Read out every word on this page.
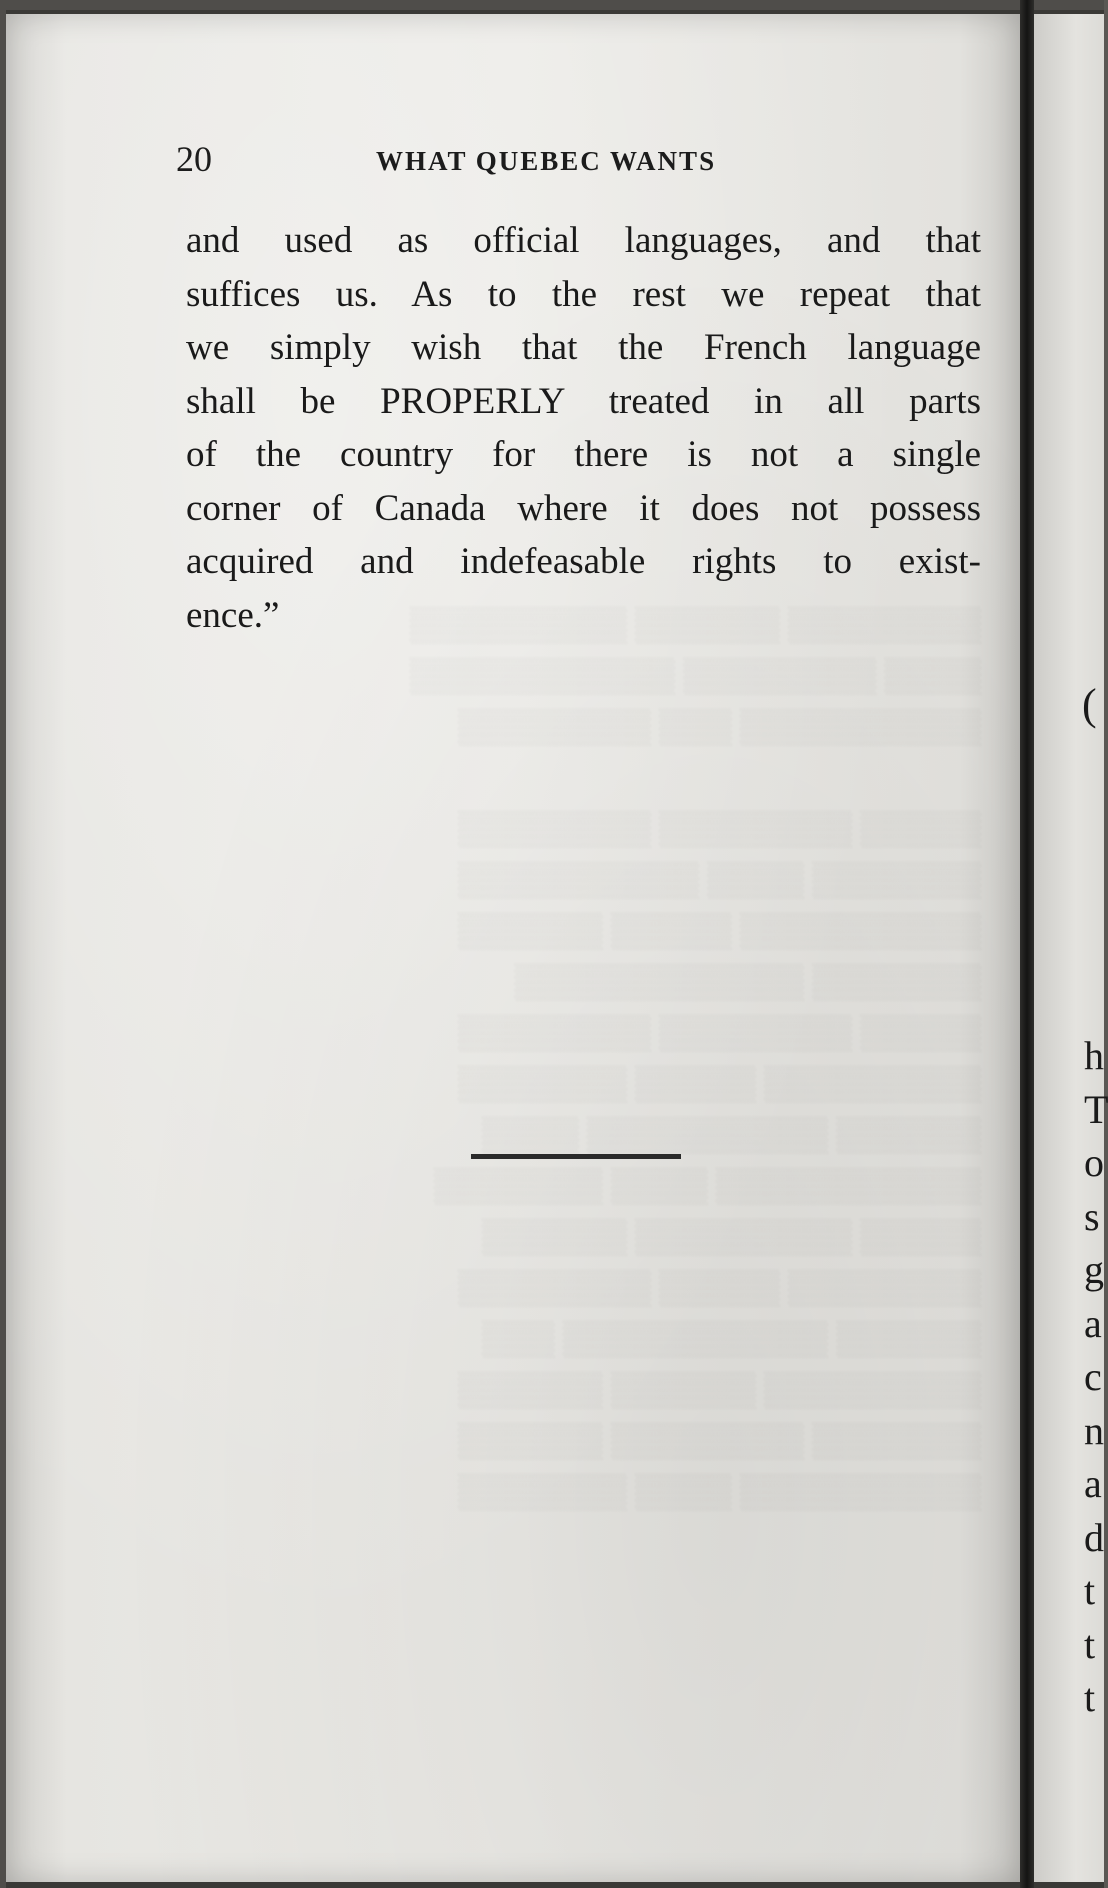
▒▒▒▒▒▒▒▒ ▒▒▒▒▒▒ ▒▒▒▒▒▒▒▒▒
▒▒▒▒ ▒▒▒▒▒▒▒▒ ▒▒▒▒▒▒▒▒▒▒▒
▒▒▒▒▒▒▒▒▒▒ ▒▒▒ ▒▒▒▒▒▒▒▒

▒▒▒▒▒ ▒▒▒▒▒▒▒▒ ▒▒▒▒▒▒▒▒
▒▒▒▒▒▒▒ ▒▒▒▒ ▒▒▒▒▒▒▒▒▒▒
▒▒▒▒▒▒▒▒▒▒ ▒▒▒▒▒ ▒▒▒▒▒▒
▒▒▒▒▒▒▒ ▒▒▒▒▒▒▒▒▒▒▒▒
▒▒▒▒▒ ▒▒▒▒▒▒▒▒ ▒▒▒▒▒▒▒▒
▒▒▒▒▒▒▒▒▒ ▒▒▒▒▒ ▒▒▒▒▒▒▒
▒▒▒▒▒▒ ▒▒▒▒▒▒▒▒▒▒ ▒▒▒▒
▒▒▒▒▒▒▒▒▒▒▒ ▒▒▒▒ ▒▒▒▒▒▒▒
▒▒▒▒▒ ▒▒▒▒▒▒▒▒▒ ▒▒▒▒▒▒
▒▒▒▒▒▒▒▒ ▒▒▒▒▒ ▒▒▒▒▒▒▒▒
▒▒▒▒▒▒ ▒▒▒▒▒▒▒▒▒▒▒ ▒▒▒
▒▒▒▒▒▒▒▒▒ ▒▒▒▒▒▒ ▒▒▒▒▒▒
▒▒▒▒▒▒▒ ▒▒▒▒▒▒▒▒ ▒▒▒▒▒▒
▒▒▒▒▒▒▒▒▒▒ ▒▒▒▒ ▒▒▒▒▒▒▒
20	WHAT QUEBEC WANTS

and used as official languages, and that
suffices us. As to the rest we repeat that
we simply wish that the French language
shall be PROPERLY treated in all parts
of the country for there is not a single
corner of Canada where it does not possess
acquired and indefeasable rights to exist-
ence.”

(
h
T
o
s
g
a
c
n
a
d
t
t
t
